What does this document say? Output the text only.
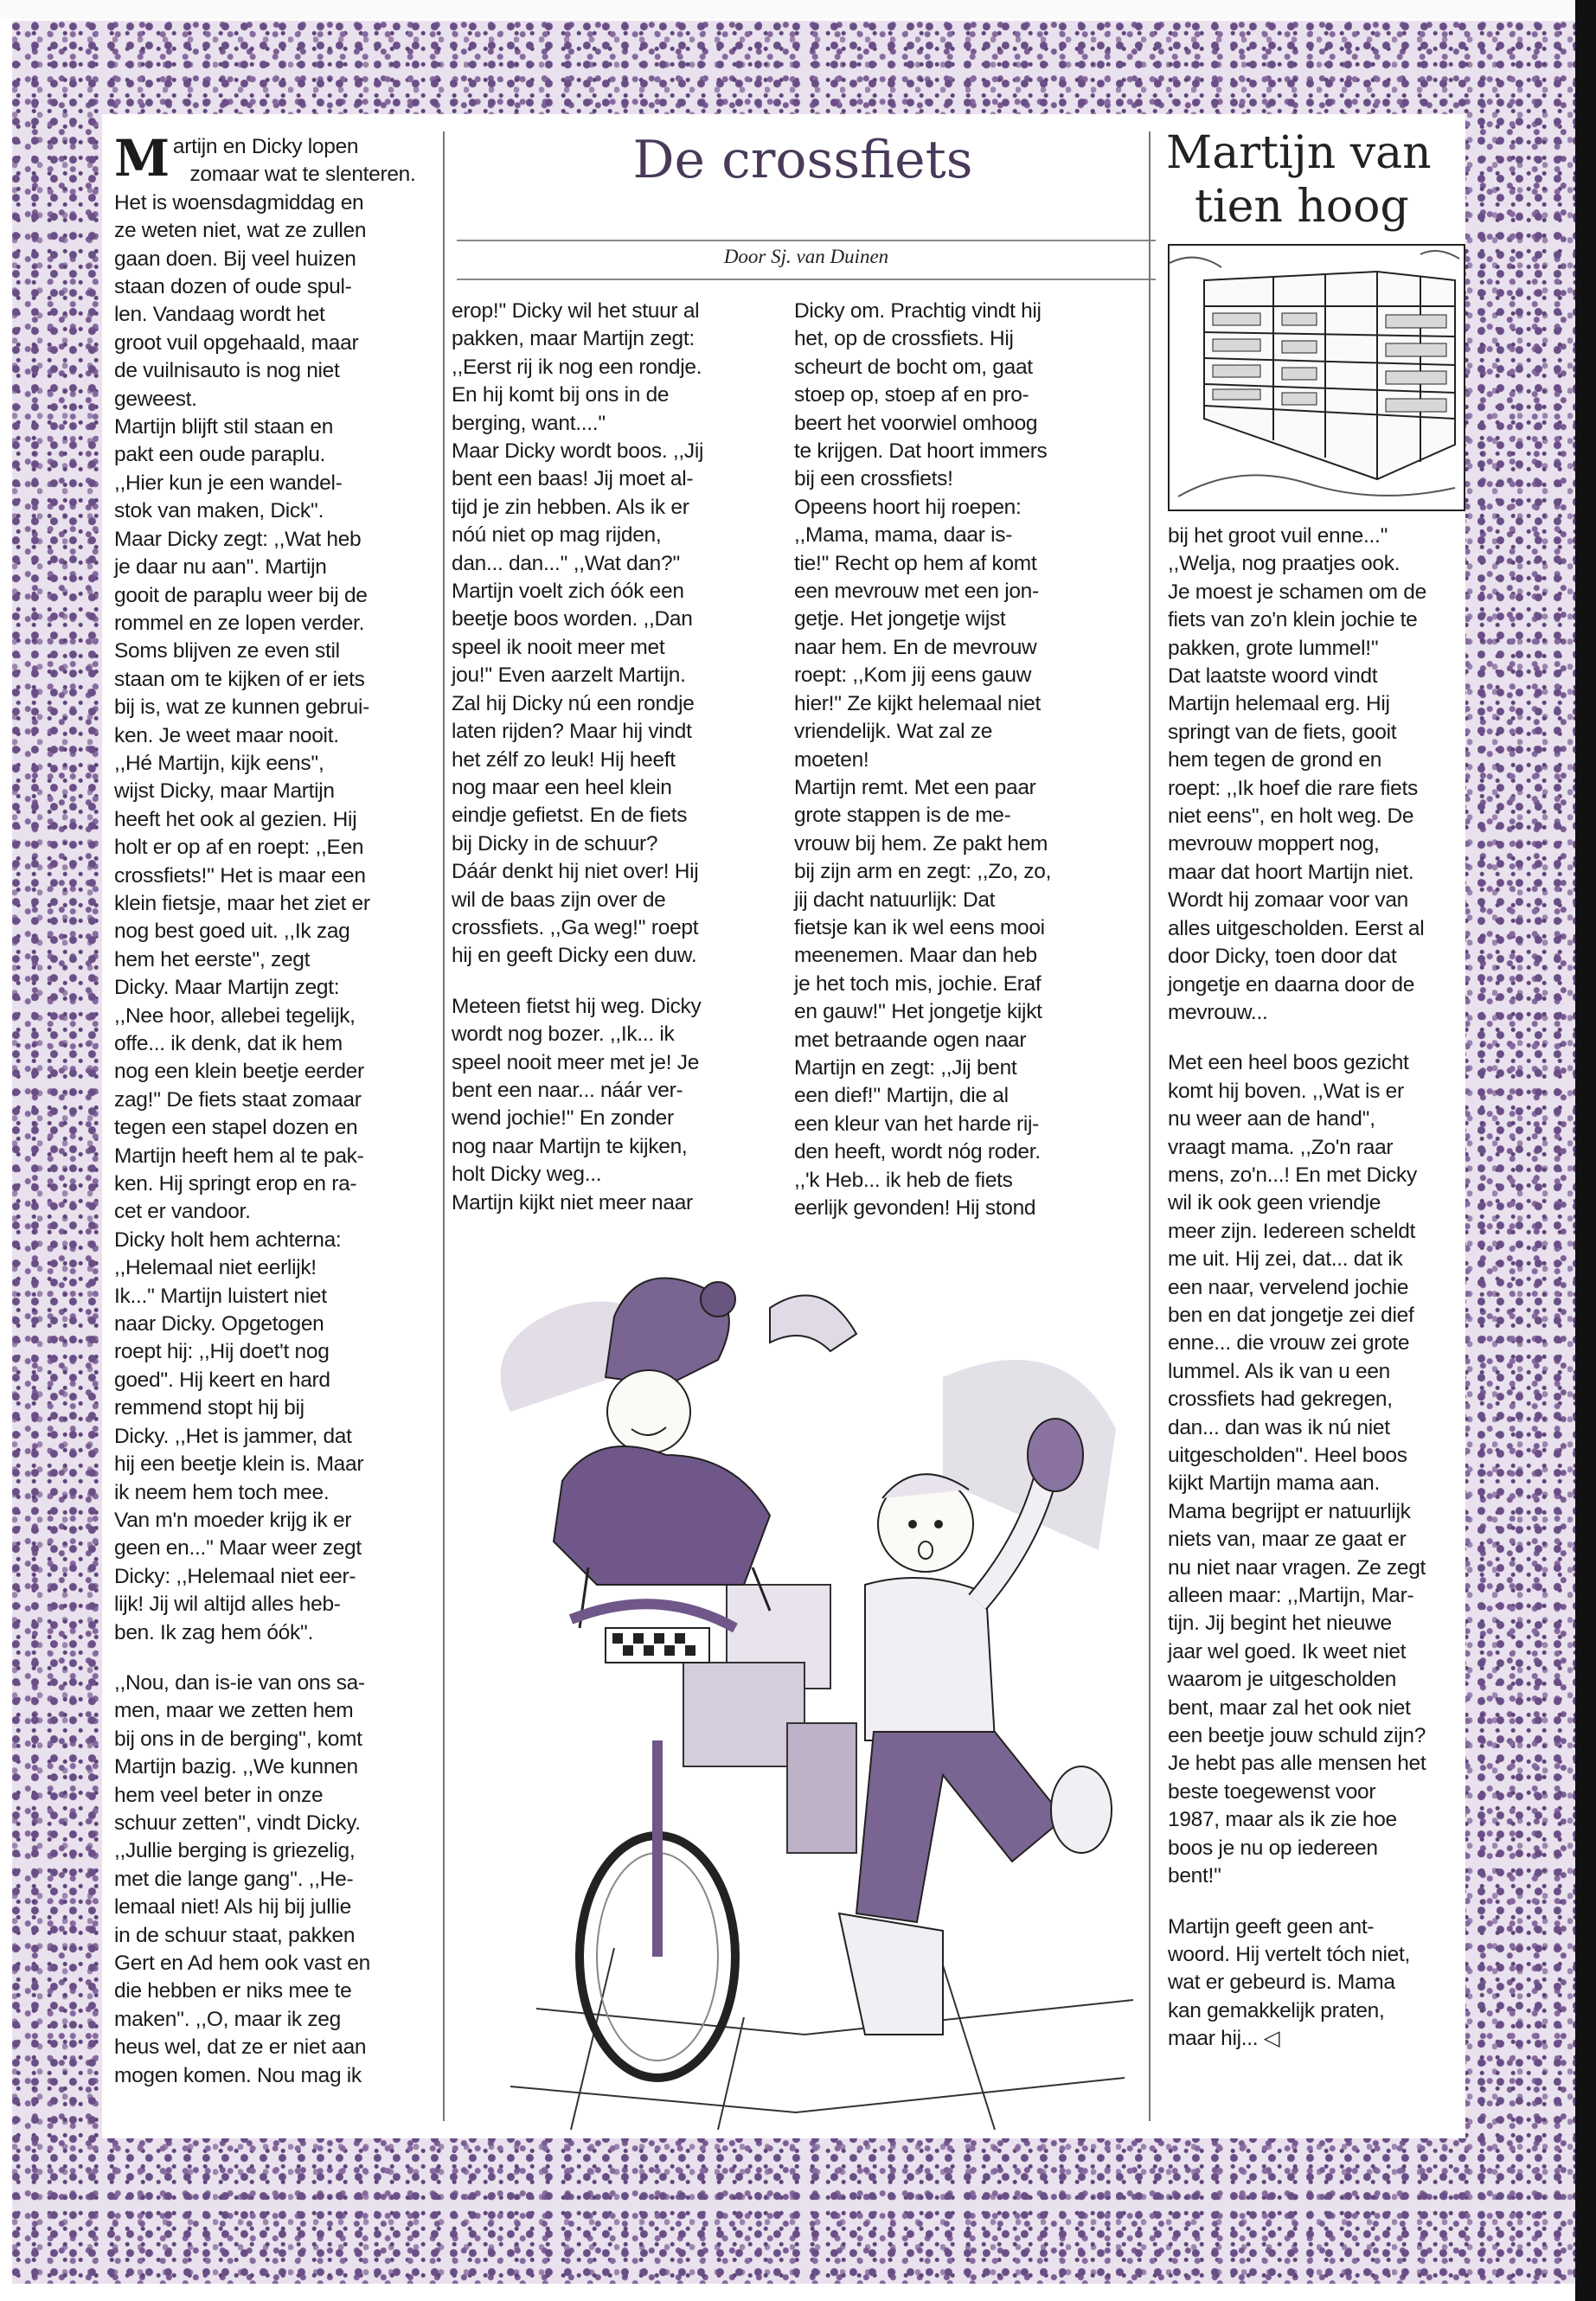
Martijn en Dicky lopen
zomaar wat te slenteren.
Het is woensdagmiddag en
ze weten niet, wat ze zullen
gaan doen. Bij veel huizen
staan dozen of oude spul-
len. Vandaag wordt het
groot vuil opgehaald, maar
de vuilnisauto is nog niet
geweest.
Martijn blijft stil staan en
pakt een oude paraplu.
,,Hier kun je een wandel-
stok van maken, Dick''.
Maar Dicky zegt: ,,Wat heb
je daar nu aan''. Martijn
gooit de paraplu weer bij de
rommel en ze lopen verder.
Soms blijven ze even stil
staan om te kijken of er iets
bij is, wat ze kunnen gebrui-
ken. Je weet maar nooit.
,,Hé Martijn, kijk eens'',
wijst Dicky, maar Martijn
heeft het ook al gezien. Hij
holt er op af en roept: ,,Een
crossfiets!'' Het is maar een
klein fietsje, maar het ziet er
nog best goed uit. ,,Ik zag
hem het eerste'', zegt
Dicky. Maar Martijn zegt:
,,Nee hoor, allebei tegelijk,
offe... ik denk, dat ik hem
nog een klein beetje eerder
zag!'' De fiets staat zomaar
tegen een stapel dozen en
Martijn heeft hem al te pak-
ken. Hij springt erop en ra-
cet er vandoor.
Dicky holt hem achterna:
,,Helemaal niet eerlijk!
Ik...'' Martijn luistert niet
naar Dicky. Opgetogen
roept hij: ,,Hij doet't nog
goed''. Hij keert en hard
remmend stopt hij bij
Dicky. ,,Het is jammer, dat
hij een beetje klein is. Maar
ik neem hem toch mee.
Van m'n moeder krijg ik er
geen en...'' Maar weer zegt
Dicky: ,,Helemaal niet eer-
lijk! Jij wil altijd alles heb-
ben. Ik zag hem óók''.

,,Nou, dan is-ie van ons sa-
men, maar we zetten hem
bij ons in de berging'', komt
Martijn bazig. ,,We kunnen
hem veel beter in onze
schuur zetten'', vindt Dicky.
,,Jullie berging is griezelig,
met die lange gang''. ,,He-
lemaal niet! Als hij bij jullie
in de schuur staat, pakken
Gert en Ad hem ook vast en
die hebben er niks mee te
maken''. ,,O, maar ik zeg
heus wel, dat ze er niet aan
mogen komen. Nou mag ik

De crossfiets
Door Sj. van Duinen

erop!'' Dicky wil het stuur al
pakken, maar Martijn zegt:
,,Eerst rij ik nog een rondje.
En hij komt bij ons in de
berging, want....''
Maar Dicky wordt boos. ,,Jij
bent een baas! Jij moet al-
tijd je zin hebben. Als ik er
nóú niet op mag rijden,
dan... dan...'' ,,Wat dan?''
Martijn voelt zich óók een
beetje boos worden. ,,Dan
speel ik nooit meer met
jou!'' Even aarzelt Martijn.
Zal hij Dicky nú een rondje
laten rijden? Maar hij vindt
het zélf zo leuk! Hij heeft
nog maar een heel klein
eindje gefietst. En de fiets
bij Dicky in de schuur?
Dáár denkt hij niet over! Hij
wil de baas zijn over de
crossfiets. ,,Ga weg!'' roept
hij en geeft Dicky een duw.

Meteen fietst hij weg. Dicky
wordt nog bozer. ,,Ik... ik
speel nooit meer met je! Je
bent een naar... náár ver-
wend jochie!'' En zonder
nog naar Martijn te kijken,
holt Dicky weg...
Martijn kijkt niet meer naar

Dicky om. Prachtig vindt hij
het, op de crossfiets. Hij
scheurt de bocht om, gaat
stoep op, stoep af en pro-
beert het voorwiel omhoog
te krijgen. Dat hoort immers
bij een crossfiets!
Opeens hoort hij roepen:
,,Mama, mama, daar is-
tie!'' Recht op hem af komt
een mevrouw met een jon-
getje. Het jongetje wijst
naar hem. En de mevrouw
roept: ,,Kom jij eens gauw
hier!'' Ze kijkt helemaal niet
vriendelijk. Wat zal ze
moeten!
Martijn remt. Met een paar
grote stappen is de me-
vrouw bij hem. Ze pakt hem
bij zijn arm en zegt: ,,Zo, zo,
jij dacht natuurlijk: Dat
fietsje kan ik wel eens mooi
meenemen. Maar dan heb
je het toch mis, jochie. Eraf
en gauw!'' Het jongetje kijkt
met betraande ogen naar
Martijn en zegt: ,,Jij bent
een dief!'' Martijn, die al
een kleur van het harde rij-
den heeft, wordt nóg roder.
,,'k Heb... ik heb de fiets
eerlijk gevonden! Hij stond

Martijn van
tien hoog

bij het groot vuil enne...''
,,Welja, nog praatjes ook.
Je moest je schamen om de
fiets van zo'n klein jochie te
pakken, grote lummel!''
Dat laatste woord vindt
Martijn helemaal erg. Hij
springt van de fiets, gooit
hem tegen de grond en
roept: ,,Ik hoef die rare fiets
niet eens'', en holt weg. De
mevrouw moppert nog,
maar dat hoort Martijn niet.
Wordt hij zomaar voor van
alles uitgescholden. Eerst al
door Dicky, toen door dat
jongetje en daarna door de
mevrouw...

Met een heel boos gezicht
komt hij boven. ,,Wat is er
nu weer aan de hand'',
vraagt mama. ,,Zo'n raar
mens, zo'n...! En met Dicky
wil ik ook geen vriendje
meer zijn. Iedereen scheldt
me uit. Hij zei, dat... dat ik
een naar, vervelend jochie
ben en dat jongetje zei dief
enne... die vrouw zei grote
lummel. Als ik van u een
crossfiets had gekregen,
dan... dan was ik nú niet
uitgescholden''. Heel boos
kijkt Martijn mama aan.
Mama begrijpt er natuurlijk
niets van, maar ze gaat er
nu niet naar vragen. Ze zegt
alleen maar: ,,Martijn, Mar-
tijn. Jij begint het nieuwe
jaar wel goed. Ik weet niet
waarom je uitgescholden
bent, maar zal het ook niet
een beetje jouw schuld zijn?
Je hebt pas alle mensen het
beste toegewenst voor
1987, maar als ik zie hoe
boos je nu op iedereen
bent!''

Martijn geeft geen ant-
woord. Hij vertelt tóch niet,
wat er gebeurd is. Mama
kan gemakkelijk praten,
maar hij... ◁
